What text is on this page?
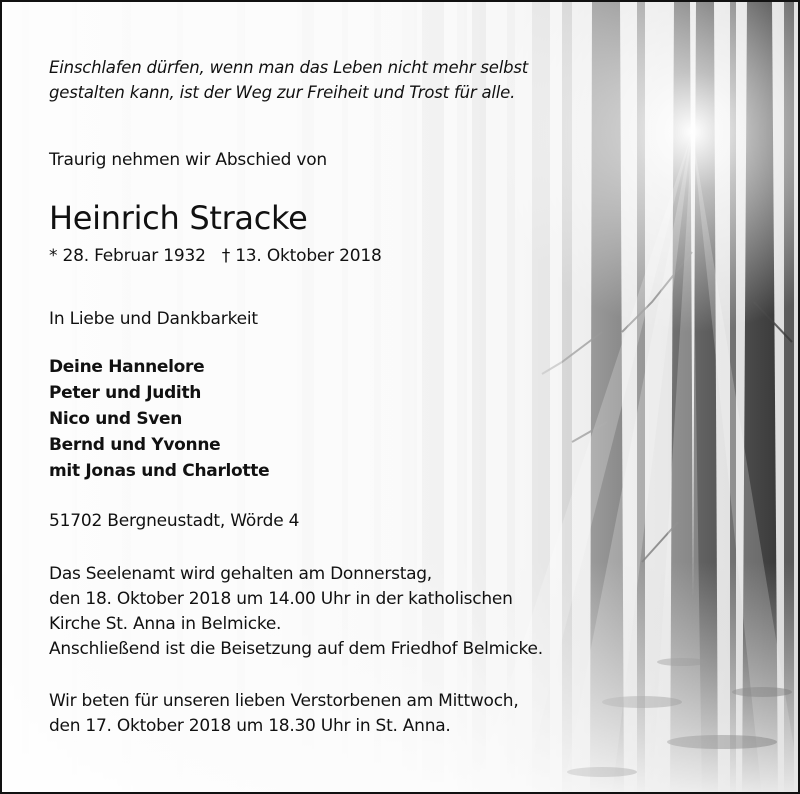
Einschlafen dürfen, wenn man das Leben nicht mehr selbst
gestalten kann, ist der Weg zur Freiheit und Trost für alle.
Traurig nehmen wir Abschied von
Heinrich Stracke
* 28. Februar 1932 † 13. Oktober 2018
In Liebe und Dankbarkeit
Deine Hannelore
Peter und Judith
Nico und Sven
Bernd und Yvonne
mit Jonas und Charlotte
51702 Bergneustadt, Wörde 4
Das Seelenamt wird gehalten am Donnerstag,
den 18. Oktober 2018 um 14.00 Uhr in der katholischen
Kirche St. Anna in Belmicke.
Anschließend ist die Beisetzung auf dem Friedhof Belmicke.
Wir beten für unseren lieben Verstorbenen am Mittwoch,
den 17. Oktober 2018 um 18.30 Uhr in St. Anna.
